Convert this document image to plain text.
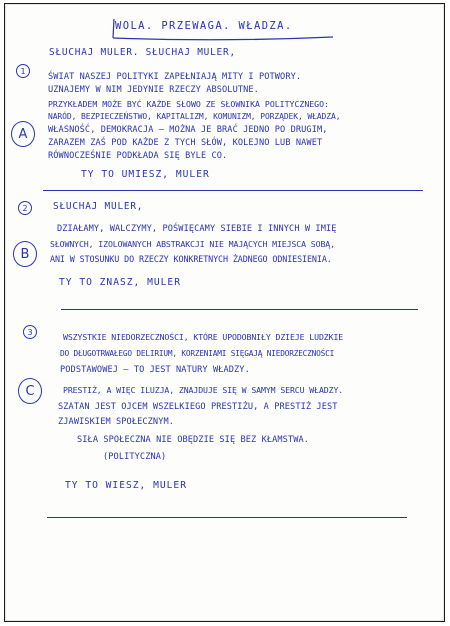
WOLA. PRZEWAGA. WŁADZA.
SŁUCHAJ MULER. SŁUCHAJ MULER,
1
A
ŚWIAT NASZEJ POLITYKI ZAPEŁNIAJĄ MITY I POTWORY.
UZNAJEMY W NIM JEDYNIE RZECZY ABSOLUTNE.
PRZYKŁADEM MOŻE BYĆ KAŻDE SŁOWO ZE SŁOWNIKA POLITYCZNEGO:
NARÓD, BEZPIECZEŃSTWO, KAPITALIZM, KOMUNIZM, PORZĄDEK, WŁADZA,
WŁASNOŚĆ, DEMOKRACJA – MOŻNA JE BRAĆ JEDNO PO DRUGIM,
ZARAZEM ZAŚ POD KAŻDE Z TYCH SŁÓW, KOLEJNO LUB NAWET
RÓWNOCZEŚNIE PODKŁADA SIĘ BYLE CO.
TY TO UMIESZ, MULER
2
B
SŁUCHAJ MULER,
DZIAŁAMY, WALCZYMY, POŚWIĘCAMY SIEBIE I INNYCH W IMIĘ
SŁOWNYCH, IZOLOWANYCH ABSTRAKCJI NIE MAJĄCYCH MIEJSCA SOBĄ,
ANI W STOSUNKU DO RZECZY KONKRETNYCH ŻADNEGO ODNIESIENIA.
TY TO ZNASZ, MULER
3
C
WSZYSTKIE NIEDORZECZNOŚCI, KTÓRE UPODOBNIŁY DZIEJE LUDZKIE
DO DŁUGOTRWAŁEGO DELIRIUM, KORZENIAMI SIĘGAJĄ NIEDORZECZNOŚCI
PODSTAWOWEJ – TO JEST NATURY WŁADZY.
PRESTIŻ, A WIĘC ILUZJA, ZNAJDUJE SIĘ W SAMYM SERCU WŁADZY.
SZATAN JEST OJCEM WSZELKIEGO PRESTIŻU, A PRESTIŻ JEST
ZJAWISKIEM SPOŁECZNYM.
SIŁA SPOŁECZNA NIE OBĘDZIE SIĘ BEZ KŁAMSTWA.
(POLITYCZNA)
TY TO WIESZ, MULER
